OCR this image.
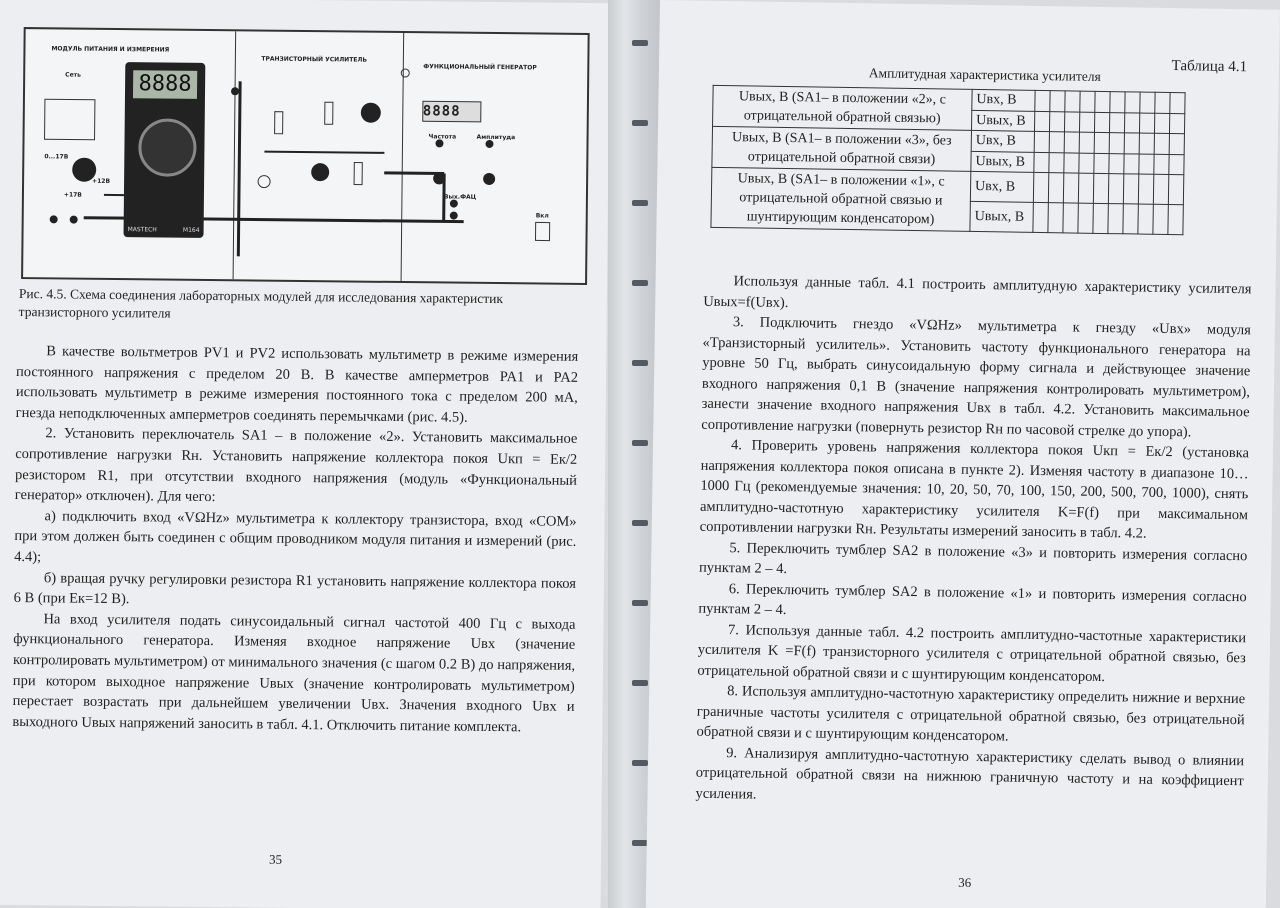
МОДУЛЬ ПИТАНИЯ И ИЗМЕРЕНИЯ
ТРАНЗИСТОРНЫЙ УСИЛИТЕЛЬ
ФУНКЦИОНАЛЬНЫЙ ГЕНЕРАТОР
Сеть
0...17В
+12В
+17В
Частота	Амплитуда
Вых.ФАЦ
Вкл
8888
8888
MASTECH	M164
Рис. 4.5. Схема соединения лабораторных модулей для исследования характеристик транзисторного усилителя

В качестве вольтметров PV1 и PV2 использовать мультиметр в режиме измерения постоянного напряжения с пределом 20 В. В качестве амперметров PA1 и PA2 использовать мультиметр в режиме измерения постоянного тока с пределом 200 мА, гнезда неподключенных амперметров соединять перемычками (рис. 4.5).

2. Установить переключатель SA1 – в положение «2». Установить максимальное сопротивление нагрузки Rн. Установить напряжение коллектора покоя Uкп = Eк/2 резистором R1, при отсутствии входного напряжения (модуль «Функциональный генератор» отключен). Для чего:

а) подключить вход «VΩHz» мультиметра к коллектору транзистора, вход «COM» при этом должен быть соединен с общим проводником модуля питания и измерений (рис. 4.4);

б) вращая ручку регулировки резистора R1 установить напряжение коллектора покоя 6 В (при Eк=12 В).

На вход усилителя подать синусоидальный сигнал частотой 400 Гц с выхода функционального генератора. Изменяя входное напряжение Uвх (значение контролировать мультиметром) от минимального значения (с шагом 0.2 В) до напряжения, при котором выходное напряжение Uвых (значение контролировать мультиметром) перестает возрастать при дальнейшем увеличении Uвх. Значения входного Uвх и выходного Uвых напряжений заносить в табл. 4.1. Отключить питание комплекта.

35
Таблица 4.1
Амплитудная характеристика усилителя
Uвых, В (SA1– в положении «2», с отрицательной обратной связью)	Uвх, В										
	Uвых, В										
Uвых, В (SA1– в положении «3», без отрицательной обратной связи)	Uвх, В										
	Uвых, В										
Uвых, В (SA1– в положении «1», с отрицательной обратной связью и шунтирующим конденсатором)	Uвх, В										
	Uвых, В										

Используя данные табл. 4.1 построить амплитудную характеристику усилителя Uвых=f(Uвх).

3. Подключить гнездо «VΩHz» мультиметра к гнезду «Uвх» модуля «Транзисторный усилитель». Установить частоту функционального генератора на уровне 50 Гц, выбрать синусоидальную форму сигнала и действующее значение входного напряжения 0,1 В (значение напряжения контролировать мультиметром), занести значение входного напряжения Uвх в табл. 4.2. Установить максимальное сопротивление нагрузки (повернуть резистор Rн по часовой стрелке до упора).

4. Проверить уровень напряжения коллектора покоя Uкп = Eк/2 (установка напряжения коллектора покоя описана в пункте 2). Изменяя частоту в диапазоне 10…1000 Гц (рекомендуемые значения: 10, 20, 50, 70, 100, 150, 200, 500, 700, 1000), снять амплитудно-частотную характеристику усилителя K=F(f) при максимальном сопротивлении нагрузки Rн. Результаты измерений заносить в табл. 4.2.

5. Переключить тумблер SA2 в положение «3» и повторить измерения согласно пунктам 2 – 4.

6. Переключить тумблер SA2 в положение «1» и повторить измерения согласно пунктам 2 – 4.

7. Используя данные табл. 4.2 построить амплитудно-частотные характеристики усилителя K =F(f) транзисторного усилителя с отрицательной обратной связью, без отрицательной обратной связи и с шунтирующим конденсатором.

8. Используя амплитудно-частотную характеристику определить нижние и верхние граничные частоты усилителя с отрицательной обратной связью, без отрицательной обратной связи и с шунтирующим конденсатором.

9. Анализируя амплитудно-частотную характеристику сделать вывод о влиянии отрицательной обратной связи на нижнюю граничную частоту и на коэффициент усиления.

36
